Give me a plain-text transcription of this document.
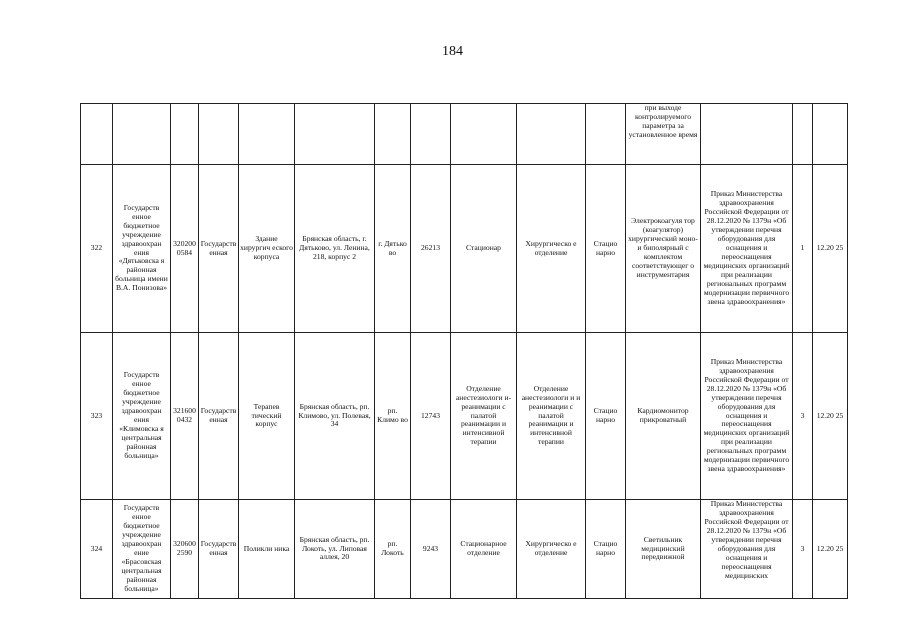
184
											при выходе контролируемого параметра за установленное время			
322	Государств енное бюджетное учреждение здравоохран ения «Дятьковска я районная больница имени В.А. Понизова»	320200 0584	Государств енная	Здание хирургич еского корпуса	Брянская область, г. Дятьково, ул. Ленина, 218, корпус 2	г. Дятько во	26213	Стационар	Хирургическо е отделение	Стацио нарно	Электрокоагуля тор (коагулятор) хирургический моно- и биполярный с комплектом соответствующег о инструментария	Приказ Министерства здравоохранения Российской Федерации от 28.12.2020 № 1379н «Об утверждении перечня оборудования для оснащения и переоснащения медицинских организаций при реализации региональных программ модернизации первичного звена здравоохранения»	1	12.20 25
323	Государств енное бюджетное учреждение здравоохран ения «Климовска я центральная районная больница»	321600 0432	Государств енная	Терапев тический корпус	Брянская область, рп. Климово, ул. Полевая, 34	рп. Климо во	12743	Отделение анестезиологи и-реанимации с палатой реанимации и интенсивной терапии	Отделение анестезиологи и и реанимации с палатой реанимации и интенсивной терапии	Стацио нарно	Кардиомонитор прикроватный	Приказ Министерства здравоохранения Российской Федерации от 28.12.2020 № 1379н «Об утверждении перечня оборудования для оснащения и переоснащения медицинских организаций при реализации региональных программ модернизации первичного звена здравоохранения»	3	12.20 25
324	Государств енное бюджетное учреждение здравоохран ение «Брасовская центральная районная больница»	320600 2590	Государств енная	Поликли ника	Брянская область, рп. Локоть, ул. Липовая аллея, 20	рп. Локоть	9243	Стационарное отделение	Хирургическо е отделение	Стацио нарно	Светильник медицинский передвижной	Приказ Министерства здравоохранения Российской Федерации от 28.12.2020 № 1379н «Об утверждении перечня оборудования для оснащения и переоснащения медицинских	3	12.20 25
